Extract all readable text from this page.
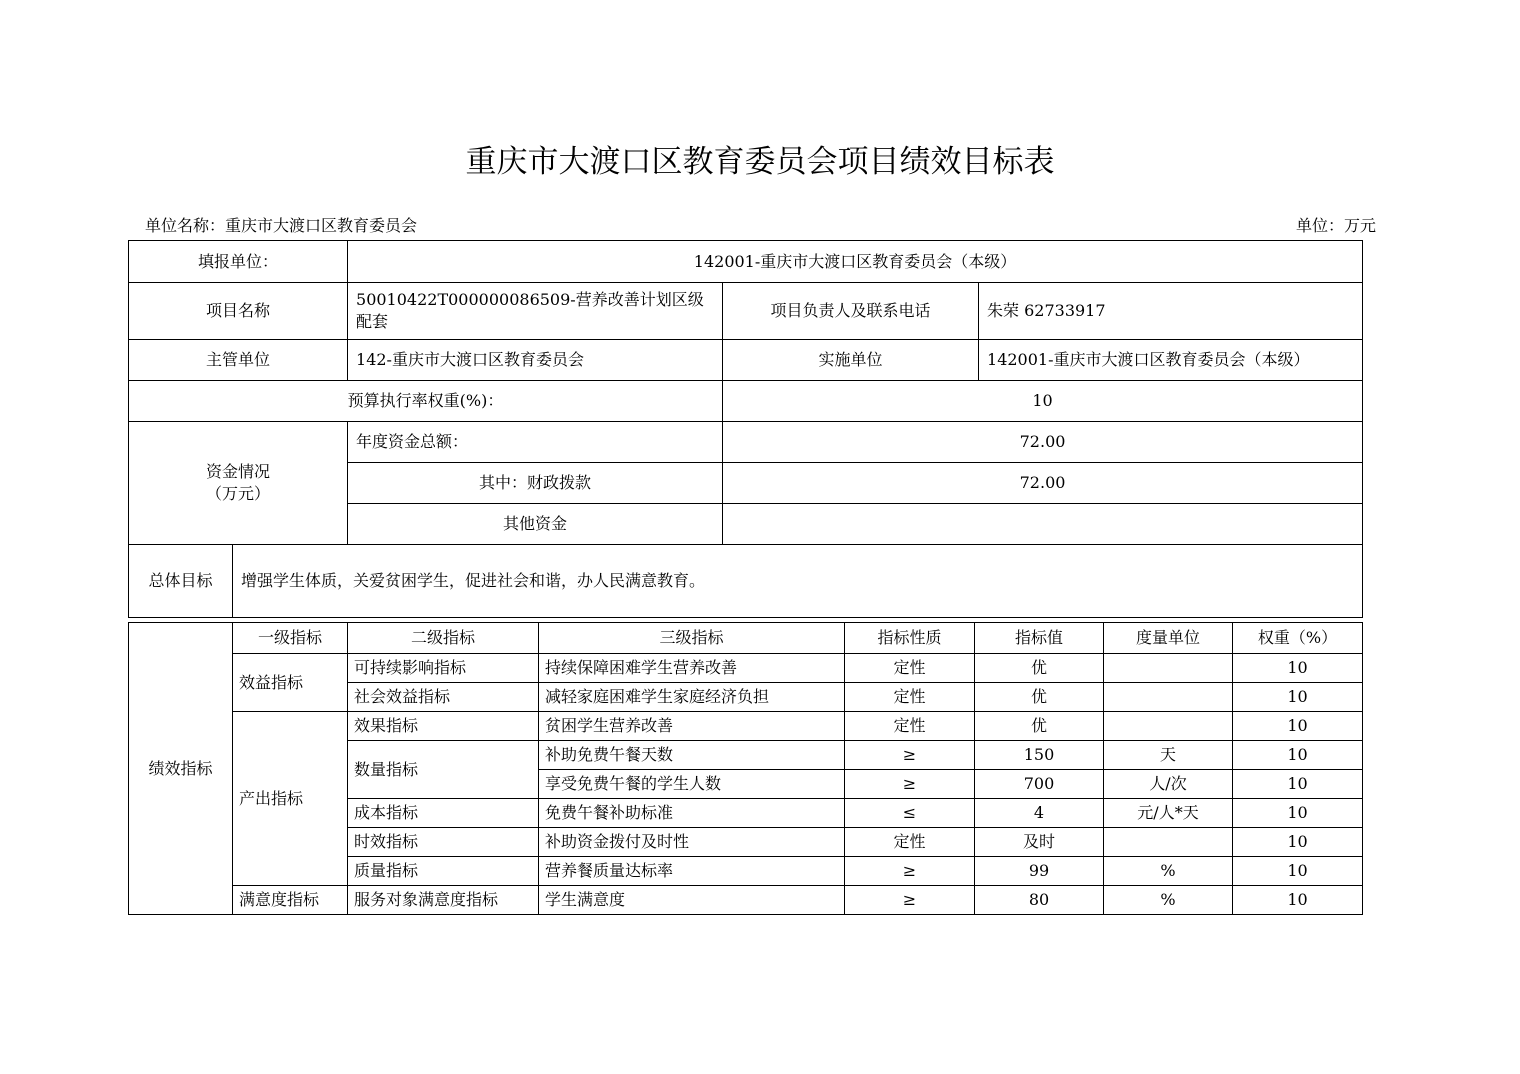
重庆市大渡口区教育委员会项目绩效目标表
单位名称：重庆市大渡口区教育委员会	单位：万元
填报单位：		142001-重庆市大渡口区教育委员会（本级）		
项目名称		50010422T000000086509-营养改善计划区级配套	项目负责人及联系电话	朱荣 62733917
主管单位		142-重庆市大渡口区教育委员会	实施单位	142001-重庆市大渡口区教育委员会（本级）
预算执行率权重(%)：			10	

资金情况
（万元）		年度资金总额：	72.00	
		其中：财政拨款	72.00	
		其他资金		
总体目标	增强学生体质，关爱贫困学生，促进社会和谐，办人民满意教育。			
绩效指标	一级指标	二级指标	三级指标	指标性质	指标值	度量单位	权重（%）
	效益指标	可持续影响指标	持续保障困难学生营养改善	定性	优		10
		社会效益指标	减轻家庭困难学生家庭经济负担	定性	优		10
	产出指标	效果指标	贫困学生营养改善	定性	优		10
		数量指标	补助免费午餐天数	≥	150	天	10
			享受免费午餐的学生人数	≥	700	人/次	10
		成本指标	免费午餐补助标准	≤	4	元/人*天	10
		时效指标	补助资金拨付及时性	定性	及时		10
		质量指标	营养餐质量达标率	≥	99	%	10
	满意度指标	服务对象满意度指标	学生满意度	≥	80	%	10
